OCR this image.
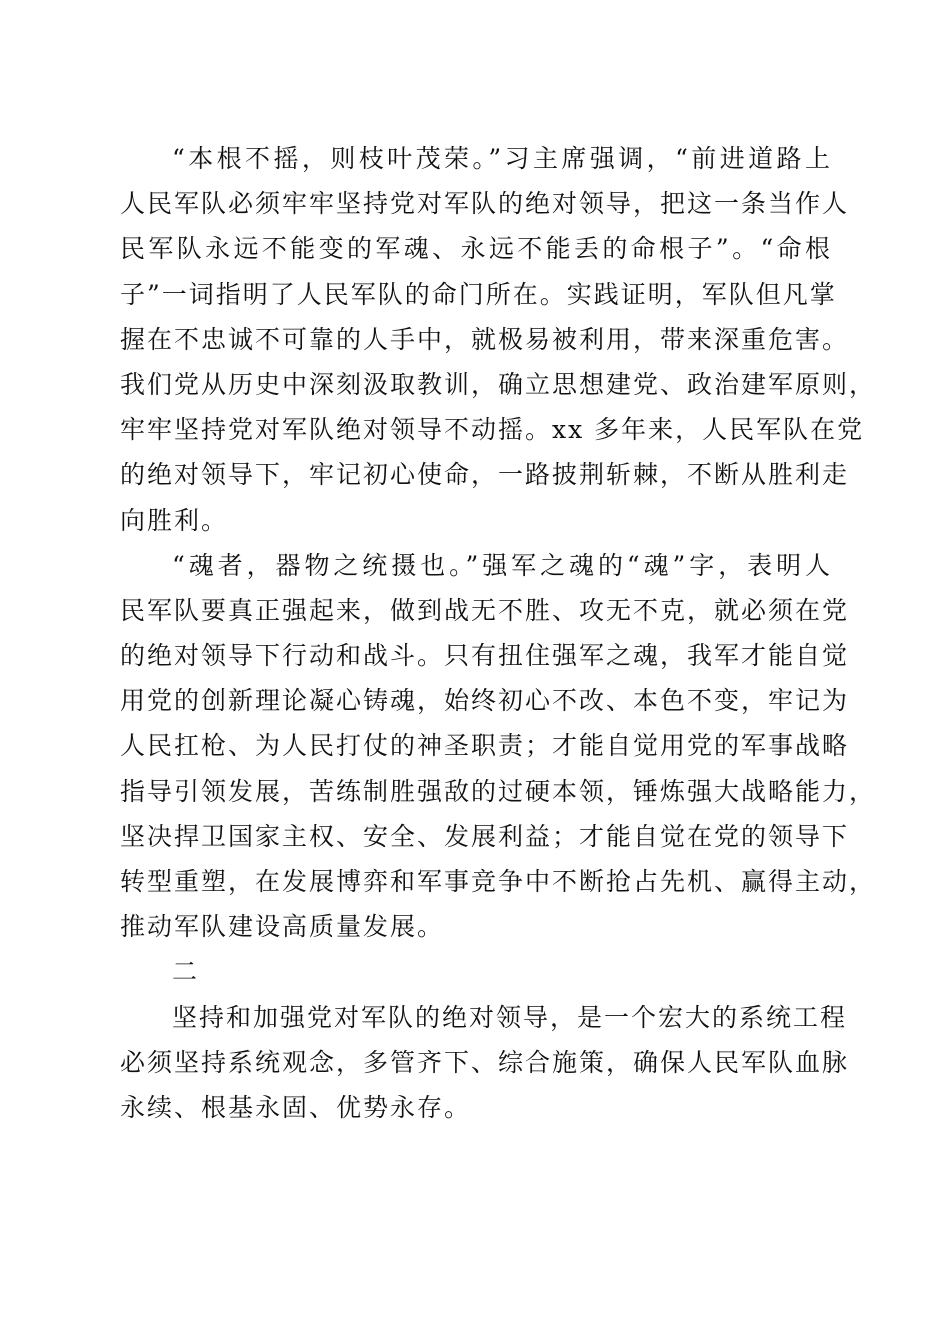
“本根不摇，则枝叶茂荣。”习主席强调，“前进道路上
人民军队必须牢牢坚持党对军队的绝对领导，把这一条当作人
民军队永远不能变的军魂、永远不能丢的命根子”。“命根
子”一词指明了人民军队的命门所在。实践证明，军队但凡掌
握在不忠诚不可靠的人手中，就极易被利用，带来深重危害。
我们党从历史中深刻汲取教训，确立思想建党、政治建军原则，
牢牢坚持党对军队绝对领导不动摇。xx 多年来，人民军队在党
的绝对领导下，牢记初心使命，一路披荆斩棘，不断从胜利走
向胜利。
“魂者，器物之统摄也。”强军之魂的“魂”字，表明人
民军队要真正强起来，做到战无不胜、攻无不克，就必须在党
的绝对领导下行动和战斗。只有扭住强军之魂，我军才能自觉
用党的创新理论凝心铸魂，始终初心不改、本色不变，牢记为
人民扛枪、为人民打仗的神圣职责；才能自觉用党的军事战略
指导引领发展，苦练制胜强敌的过硬本领，锤炼强大战略能力，
坚决捍卫国家主权、安全、发展利益；才能自觉在党的领导下
转型重塑，在发展博弈和军事竞争中不断抢占先机、赢得主动，
推动军队建设高质量发展。
二
坚持和加强党对军队的绝对领导，是一个宏大的系统工程
必须坚持系统观念，多管齐下、综合施策，确保人民军队血脉
永续、根基永固、优势永存。
